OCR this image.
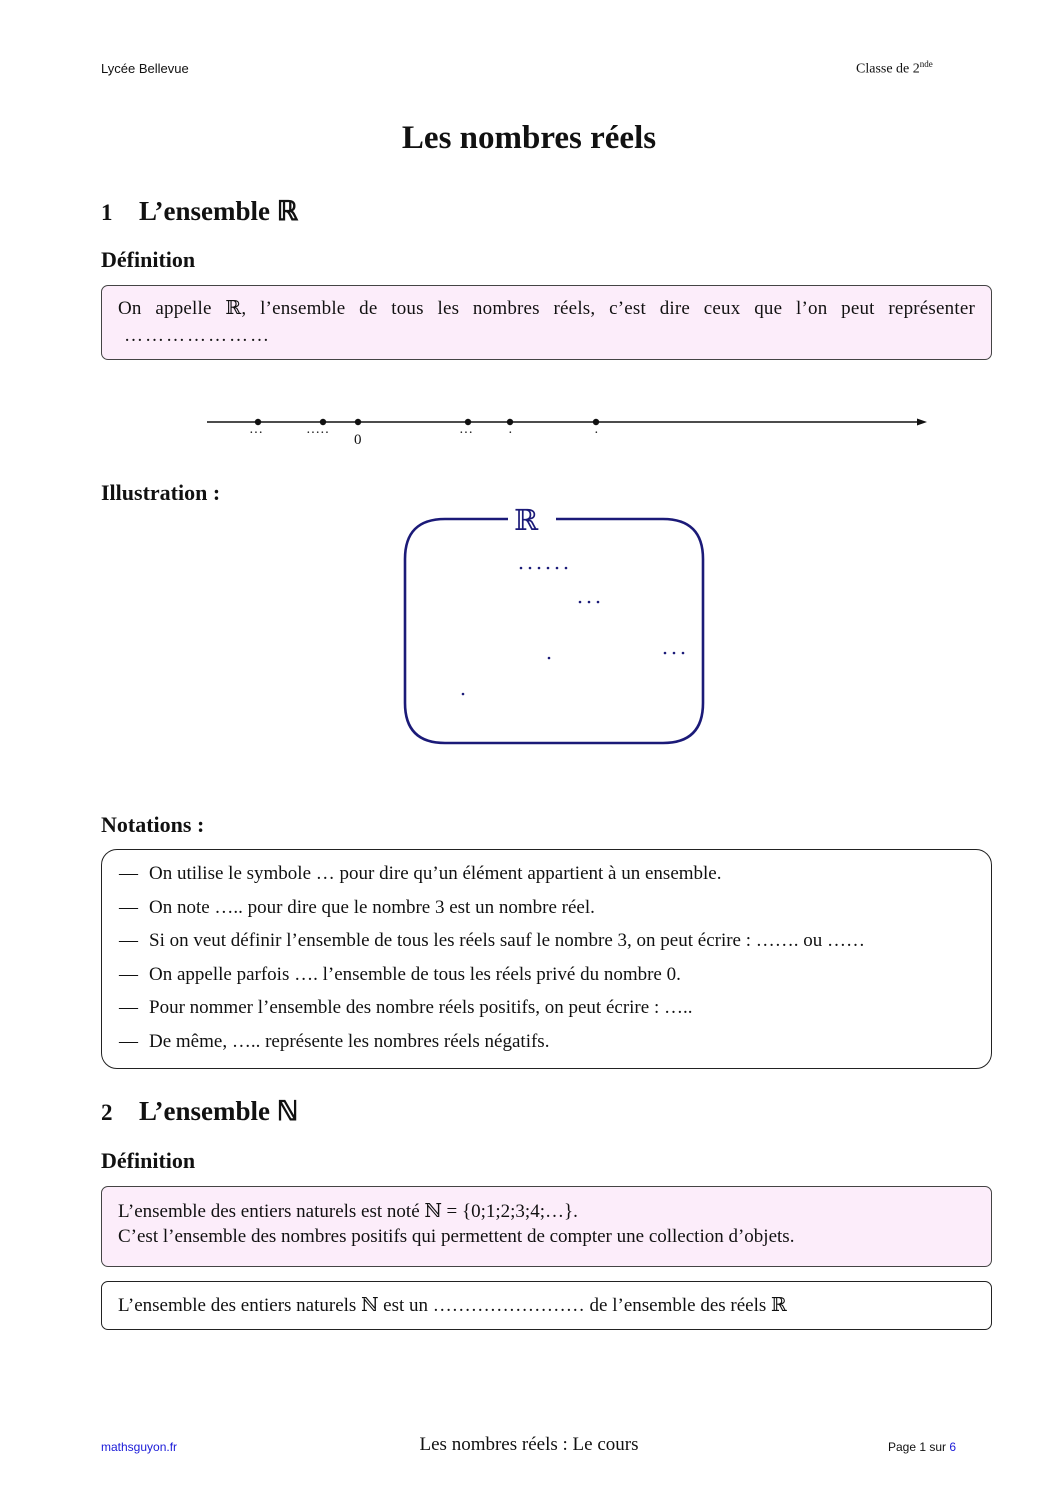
Lycée Bellevue	Classe de 2nde
Les nombres réels
1 L’ensemble ℝ
Définition
On appelle ℝ, l’ensemble de tous les nombres réels, c’est dire ceux que l’on peut représenter
…………………
···	····· 0	···	·	·
Illustration :
ℝ
Notations :
— On utilise le symbole … pour dire qu’un élément appartient à un ensemble.
— On note ….. pour dire que le nombre 3 est un nombre réel.
— Si on veut définir l’ensemble de tous les réels sauf le nombre 3, on peut écrire : ……. ou ……
— On appelle parfois …. l’ensemble de tous les réels privé du nombre 0.
— Pour nommer l’ensemble des nombre réels positifs, on peut écrire : …..
— De même, ….. représente les nombres réels négatifs.
2 L’ensemble ℕ
Définition
L’ensemble des entiers naturels est noté ℕ = {0;1;2;3;4;…}.
C’est l’ensemble des nombres positifs qui permettent de compter une collection d’objets.
L’ensemble des entiers naturels ℕ est un …………………… de l’ensemble des réels ℝ
mathsguyon.fr	Les nombres réels : Le cours	Page 1 sur 6
